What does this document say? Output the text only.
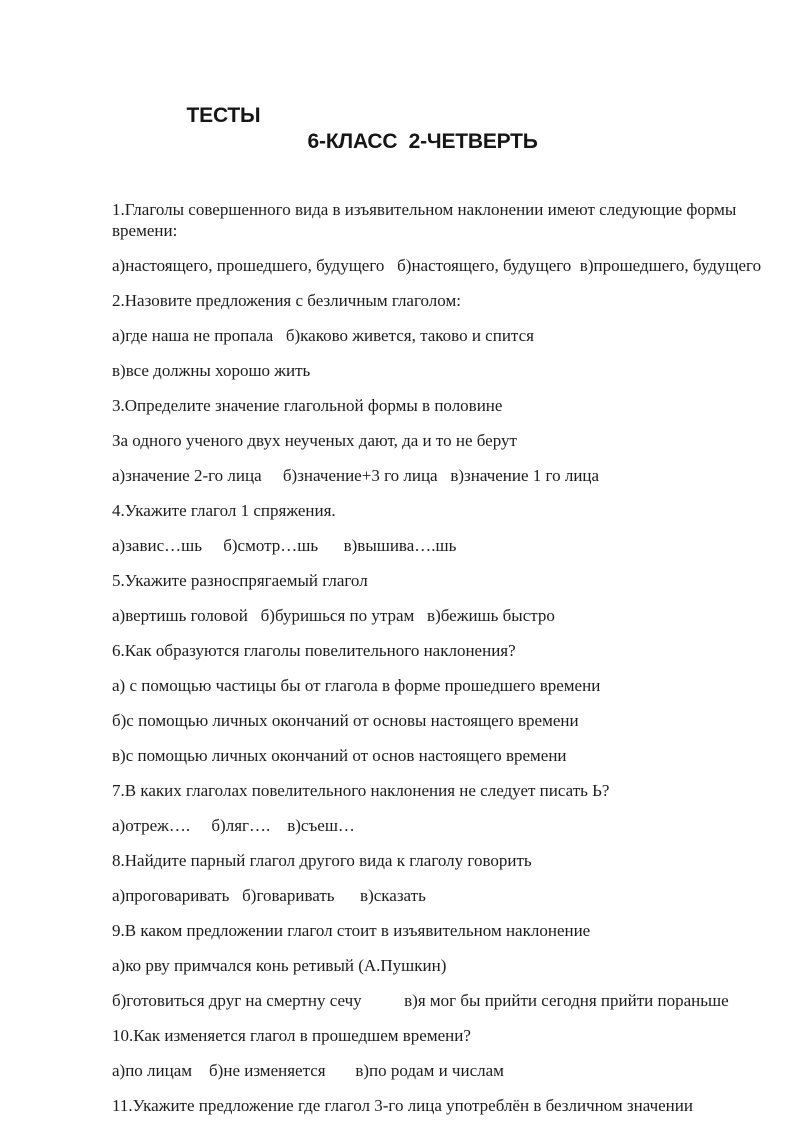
ТЕСТЫ
6-КЛАСС  2-ЧЕТВЕРТЬ

1.Глаголы совершенного вида в изъявительном наклонении имеют следующие формы

времени:

а)настоящего, прошедшего, будущего   б)настоящего, будущего  в)прошедшего, будущего

2.Назовите предложения с безличным глаголом:

а)где наша не пропала   б)каково живется, таково и спится

в)все должны хорошо жить

3.Определите значение глагольной формы в половине

За одного ученого двух неученых дают, да и то не берут

а)значение 2-го лица     б)значение+3 го лица   в)значение 1 го лица

4.Укажите глагол 1 спряжения.

а)завис…шь     б)смотр…шь      в)вышива….шь

5.Укажите разноспрягаемый глагол

а)вертишь головой   б)буришься по утрам   в)бежишь быстро

6.Как образуются глаголы повелительного наклонения?

а) с помощью частицы бы от глагола в форме прошедшего времени

б)с помощью личных окончаний от основы настоящего времени

в)с помощью личных окончаний от основ настоящего времени

7.В каких глаголах повелительного наклонения не следует писать Ь?

а)отреж….     б)ляг….    в)съеш…

8.Найдите парный глагол другого вида к глаголу говорить

а)проговаривать   б)говаривать      в)сказать

9.В каком предложении глагол стоит в изъявительном наклонение

а)ко рву примчался конь ретивый (А.Пушкин)

б)готовиться друг на смертну сечу          в)я мог бы прийти сегодня прийти пораньше

10.Как изменяется глагол в прошедшем времени?

а)по лицам    б)не изменяется       в)по родам и числам

11.Укажите предложение где глагол 3-го лица употреблён в безличном значении
